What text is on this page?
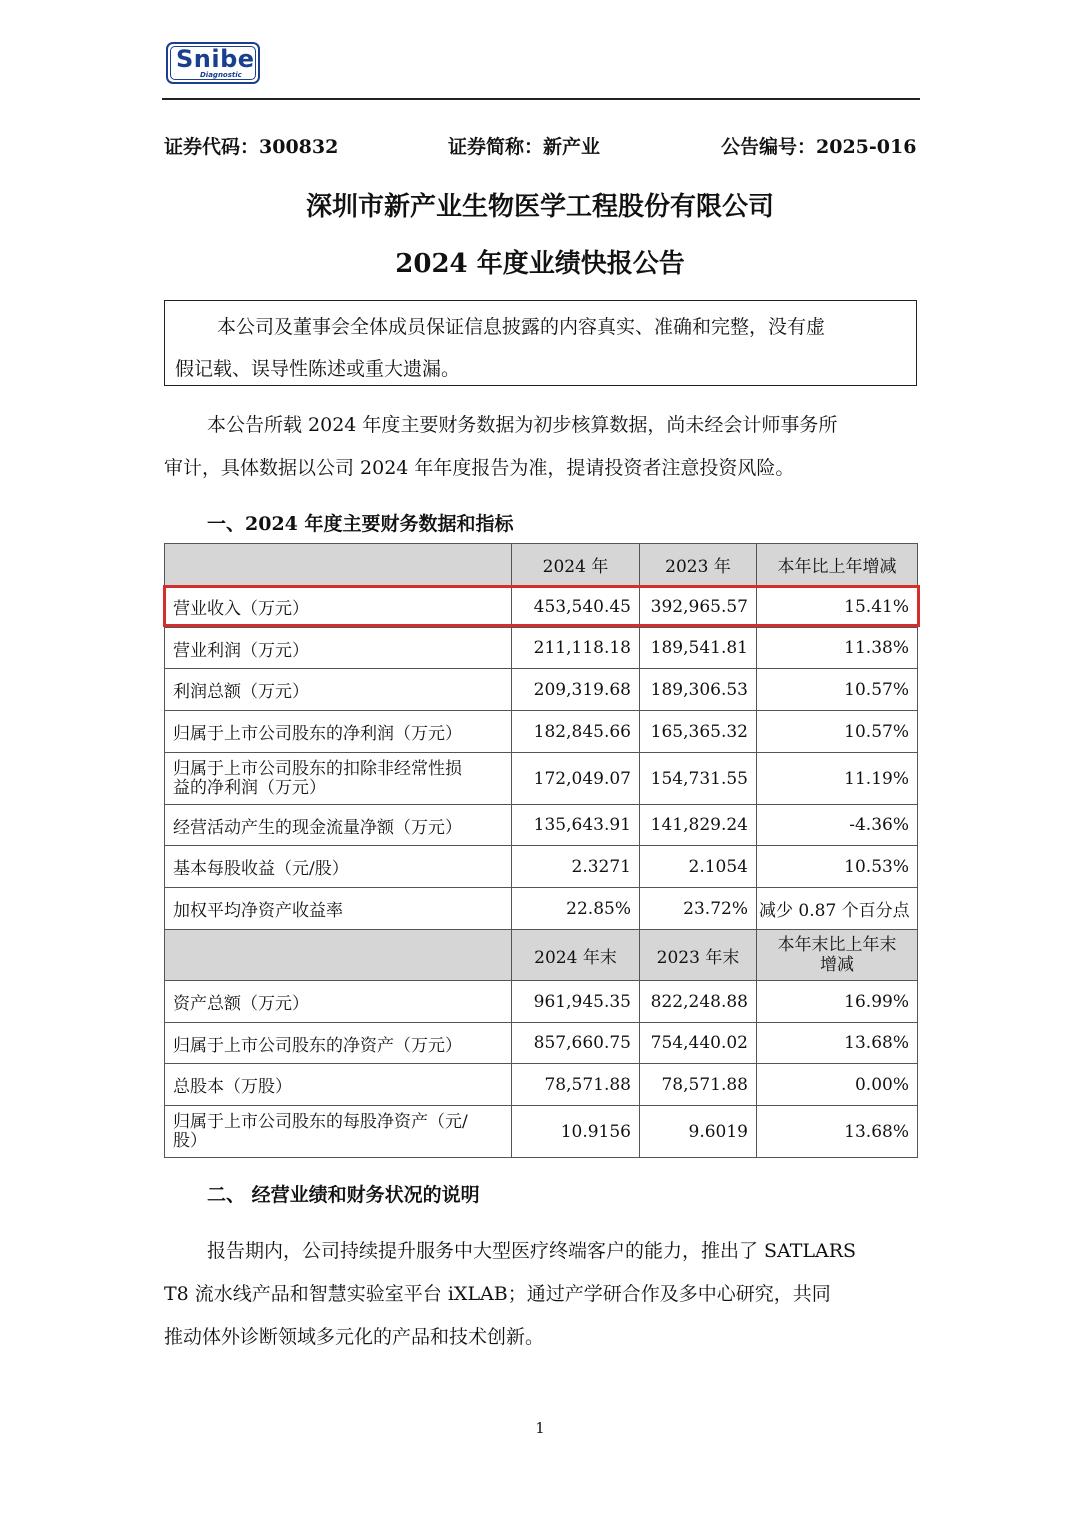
Snibe
Diagnostic
证券代码：300832	证券简称：新产业	公告编号：2025-016
深圳市新产业生物医学工程股份有限公司
2024 年度业绩快报公告
本公司及董事会全体成员保证信息披露的内容真实、准确和完整，没有虚
假记载、误导性陈述或重大遗漏。
本公告所载 2024 年度主要财务数据为初步核算数据，尚未经会计师事务所
审计，具体数据以公司 2024 年年度报告为准，提请投资者注意投资风险。
一、2024 年度主要财务数据和指标
	2024 年	2023 年	本年比上年增减
营业收入（万元）	453,540.45	392,965.57	15.41%
营业利润（万元）	211,118.18	189,541.81	11.38%
利润总额（万元）	209,319.68	189,306.53	10.57%
归属于上市公司股东的净利润（万元）	182,845.66	165,365.32	10.57%

归属于上市公司股东的扣除非经常性损
益的净利润（万元）	172,049.07	154,731.55	11.19%
经营活动产生的现金流量净额（万元）	135,643.91	141,829.24	-4.36%
基本每股收益（元/股）	2.3271	2.1054	10.53%
加权平均净资产收益率	22.85%	23.72%	减少 0.87 个百分点
	2024 年末	2023 年末	本年末比上年末
增减

资产总额（万元）	961,945.35	822,248.88	16.99%
归属于上市公司股东的净资产（万元）	857,660.75	754,440.02	13.68%
总股本（万股）	78,571.88	78,571.88	0.00%

归属于上市公司股东的每股净资产（元/
股）	10.9156	9.6019	13.68%
二、 经营业绩和财务状况的说明
报告期内，公司持续提升服务中大型医疗终端客户的能力，推出了 SATLARS
T8 流水线产品和智慧实验室平台 iXLAB；通过产学研合作及多中心研究，共同
推动体外诊断领域多元化的产品和技术创新。
1
